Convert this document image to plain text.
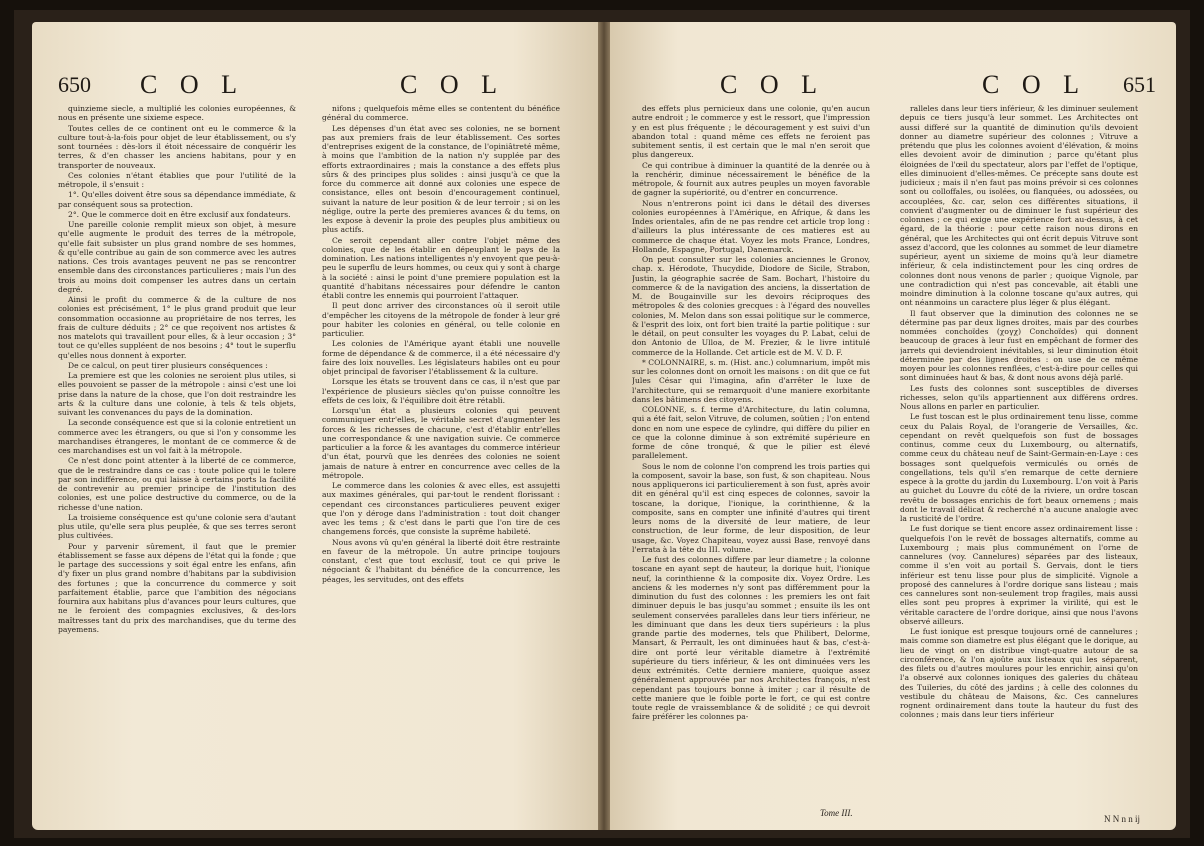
650 C O L	C O L

quinzieme siecle, a multiplié les colonies européennes, & nous en présente une sixieme espece.

Toutes celles de ce continent ont eu le commerce & la culture tout-à-la-fois pour objet de leur établissement, ou s'y sont tournées : dès-lors il étoit nécessaire de conquérir les terres, & d'en chasser les anciens habitans, pour y en transporter de nouveaux.

Ces colonies n'étant établies que pour l'utilité de la métropole, il s'ensuit :

1°. Qu'elles doivent être sous sa dépendance immédiate, & par conséquent sous sa protection.

2°. Que le commerce doit en être exclusif aux fondateurs.

Une pareille colonie remplit mieux son objet, à mesure qu'elle augmente le produit des terres de la métropole, qu'elle fait subsister un plus grand nombre de ses hommes, & qu'elle contribue au gain de son commerce avec les autres nations. Ces trois avantages peuvent ne pas se rencontrer ensemble dans des circonstances particulieres ; mais l'un des trois au moins doit compenser les autres dans un certain degré.

Ainsi le profit du commerce & de la culture de nos colonies est précisément, 1° le plus grand produit que leur consommation occasionne au propriétaire de nos terres, les frais de culture déduits ; 2° ce que reçoivent nos artistes & nos matelots qui travaillent pour elles, & à leur occasion ; 3° tout ce qu'elles suppléent de nos besoins ; 4° tout le superflu qu'elles nous donnent à exporter.

De ce calcul, on peut tirer plusieurs conséquences :

La premiere est que les colonies ne seroient plus utiles, si elles pouvoient se passer de la métropole : ainsi c'est une loi prise dans la nature de la chose, que l'on doit restraindre les arts & la culture dans une colonie, à tels & tels objets, suivant les convenances du pays de la domination.

La seconde conséquence est que si la colonie entretient un commerce avec les étrangers, ou que si l'on y consomme les marchandises étrangeres, le montant de ce commerce & de ces marchandises est un vol fait à la métropole.

Ce n'est donc point attenter à la liberté de ce commerce, que de le restraindre dans ce cas : toute police qui le tolere par son indifférence, ou qui laisse à certains ports la facilité de contrevenir au premier principe de l'institution des colonies, est une police destructive du commerce, ou de la richesse d'une nation.

La troisieme conséquence est qu'une colonie sera d'autant plus utile, qu'elle sera plus peuplée, & que ses terres seront plus cultivées.

Pour y parvenir sûrement, il faut que le premier établissement se fasse aux dépens de l'état qui la fonde ; que le partage des successions y soit égal entre les enfans, afin d'y fixer un plus grand nombre d'habitans par la subdivision des fortunes ; que la concurrence du commerce y soit parfaitement établie, parce que l'ambition des négocians fournira aux habitans plus d'avances pour leurs cultures, que ne le feroient des compagnies exclusives, & des-lors maîtresses tant du prix des marchandises, que du terme des payemens.

nifons ; quelquefois même elles se contentent du bénéfice général du commerce.

Les dépenses d'un état avec ses colonies, ne se bornent pas aux premiers frais de leur établissement. Ces sortes d'entreprises exigent de la constance, de l'opiniâtreté même, à moins que l'ambition de la nation n'y supplée par des efforts extraordinaires ; mais la constance a des effets plus sûrs & des principes plus solides : ainsi jusqu'à ce que la force du commerce ait donné aux colonies une espece de consistance, elles ont besoin d'encouragement continuel, suivant la nature de leur position & de leur terroir ; si on les néglige, outre la perte des premieres avances & du tems, on les expose à devenir la proie des peuples plus ambitieux ou plus actifs.

Ce seroit cependant aller contre l'objet même des colonies, que de les établir en dépeuplant le pays de la domination. Les nations intelligentes n'y envoyent que peu-à-peu le superflu de leurs hommes, ou ceux qui y sont à charge à la société : ainsi le point d'une premiere population est la quantité d'habitans nécessaires pour défendre le canton établi contre les ennemis qui pourroient l'attaquer.

Il peut donc arriver des circonstances où il seroit utile d'empêcher les citoyens de la métropole de fonder à leur gré pour habiter les colonies en général, ou telle colonie en particulier.

Les colonies de l'Amérique ayant établi une nouvelle forme de dépendance & de commerce, il a été nécessaire d'y faire des loix nouvelles. Les législateurs habiles ont eu pour objet principal de favoriser l'établissement & la culture.

Lorsque les états se trouvent dans ce cas, il n'est que par l'expérience de plusieurs siècles qu'on puisse connoître les effets de ces loix, & l'équilibre doit être rétabli.

Lorsqu'un état a plusieurs colonies qui peuvent communiquer entr'elles, le véritable secret d'augmenter les forces & les richesses de chacune, c'est d'établir entr'elles une correspondance & une navigation suivie. Ce commerce particulier a la force & les avantages du commerce intérieur d'un état, pourvû que les denrées des colonies ne soient jamais de nature à entrer en concurrence avec celles de la métropole.

Le commerce dans les colonies & avec elles, est assujetti aux maximes générales, qui par-tout le rendent florissant : cependant ces circonstances particulieres peuvent exiger que l'on y déroge dans l'administration : tout doit changer avec les tems ; & c'est dans le parti que l'on tire de ces changemens forcés, que consiste la suprême habileté.

Nous avons vû qu'en général la liberté doit être restrainte en faveur de la métropole. Un autre principe toujours constant, c'est que tout exclusif, tout ce qui prive le négociant & l'habitant du bénéfice de la concurrence, les péages, les servitudes, ont des effets

C O L	C O L 651

des effets plus pernicieux dans une colonie, qu'en aucun autre endroit ; le commerce y est le ressort, que l'impression y en est plus fréquente ; le découragement y est suivi d'un abandon total : quand même ces effets ne feroient pas subitement sentis, il est certain que le mal n'en seroit que plus dangereux.

Ce qui contribue à diminuer la quantité de la denrée ou à la renchérir, diminue nécessairement le bénéfice de la métropole, & fournit aux autres peuples un moyen favorable de gagner la supériorité, ou d'entrer en concurrence.

Nous n'entrerons point ici dans le détail des diverses colonies européennes à l'Amérique, en Afrique, & dans les Indes orientales, afin de ne pas rendre cet article trop long : d'ailleurs la plus intéressante de ces matieres est au commerce de chaque état. Voyez les mots France, Londres, Hollande, Espagne, Portugal, Danemarck.

On peut consulter sur les colonies anciennes le Gronov, chap. x. Hérodote, Thucydide, Diodore de Sicile, Strabon, Justin, la géographie sacrée de Sam. Bochart, l'histoire du commerce & de la navigation des anciens, la dissertation de M. de Bougainville sur les devoirs réciproques des métropoles & des colonies grecques : à l'égard des nouvelles colonies, M. Melon dans son essai politique sur le commerce, & l'esprit des loix, ont fort bien traité la partie politique : sur le détail, on peut consulter les voyages du P. Labat, celui de don Antonio de Ulloa, de M. Frezier, & le livre intitulé commerce de la Hollande. Cet article est de M. V. D. F.

* COLONNAIRE, s. m. (Hist. anc.) columnarium, impôt mis sur les colonnes dont on ornoit les maisons : on dit que ce fut Jules César qui l'imagina, afin d'arrêter le luxe de l'architecture, qui se remarquoit d'une maniere exorbitante dans les bâtimens des citoyens.

COLONNE, s. f. terme d'Architecture, du latin columna, qui a été fait, selon Vitruve, de columen, soûtien ; l'on entend donc en nom une espece de cylindre, qui diffère du pilier en ce que la colonne diminue à son extrémité supérieure en forme de cône tronqué, & que le pilier est élevé parallelement.

Sous le nom de colonne l'on comprend les trois parties qui la composent, savoir la base, son fust, & son chapiteau. Nous nous appliquerons ici particulierement à son fust, après avoir dit en général qu'il est cinq especes de colonnes, savoir la toscane, la dorique, l'ionique, la corinthienne, & la composite, sans en compter une infinité d'autres qui tirent leurs noms de la diversité de leur matiere, de leur construction, de leur forme, de leur disposition, de leur usage, &c. Voyez Chapiteau, voyez aussi Base, renvoyé dans l'errata à la tête du III. volume.

Le fust des colonnes differe par leur diametre ; la colonne toscane en ayant sept de hauteur, la dorique huit, l'ionique neuf, la corinthienne & la composite dix. Voyez Ordre. Les anciens & les modernes n'y sont pas différemment pour la diminution du fust des colonnes : les premiers les ont fait diminuer depuis le bas jusqu'au sommet ; ensuite ils les ont seulement conservées paralleles dans leur tiers inférieur, ne les diminuant que dans les deux tiers supérieurs : la plus grande partie des modernes, tels que Philibert, Delorme, Mansart, & Perrault, les ont diminuées haut & bas, c'est-à-dire ont porté leur véritable diametre à l'extrémité supérieure du tiers inférieur, & les ont diminuées vers les deux extrémités. Cette derniere maniere, quoique assez généralement approuvée par nos Architectes françois, n'est cependant pas toujours bonne à imiter ; car il résulte de cette maniere que le foible porte le fort, ce qui est contre toute regle de vraissemblance & de solidité ; ce qui devroit faire préférer les colonnes pa-

ralleles dans leur tiers inférieur, & les diminuer seulement depuis ce tiers jusqu'à leur sommet. Les Architectes ont aussi differé sur la quantité de diminution qu'ils devoient donner au diametre supérieur des colonnes ; Vitruve a prétendu que plus les colonnes avoient d'élévation, & moins elles devoient avoir de diminution ; parce qu'étant plus éloignées de l'œil du spectateur, alors par l'effet de l'optique, elles diminuoient d'elles-mêmes. Ce précepte sans doute est judicieux ; mais il n'en faut pas moins prévoir si ces colonnes sont ou colloffales, ou isolées, ou flanquées, ou adossées, ou accouplées, &c. car, selon ces différentes situations, il convient d'augmenter ou de diminuer le fust supérieur des colonnes ; ce qui exige une expérience fort au-dessus, à cet égard, de la théorie : pour cette raison nous dirons en général, que les Architectes qui ont écrit depuis Vitruve sont assez d'accord, que les colonnes au sommet de leur diametre supérieur, ayent un sixieme de moins qu'à leur diametre inférieur, & cela indistinctement pour les cinq ordres de colonnes dont nous venons de parler ; quoique Vignole, par une contradiction qui n'est pas concevable, ait établi une moindre diminution à la colonne toscane qu'aux autres, qui ont néanmoins un caractere plus léger & plus élégant.

Il faut observer que la diminution des colonnes ne se détermine pas par deux lignes droites, mais par des courbes nommées conchoïdes (χογχ) Conchoïdes) qui donnent beaucoup de graces à leur fust en empêchant de former des jarrets qui deviendroient inévitables, si leur diminution étoit déterminée par des lignes droites : on use de ce même moyen pour les colonnes renflées, c'est-à-dire pour celles qui sont diminuées haut & bas, & dont nous avons déjà parlé.

Les fusts des colonnes sont susceptibles de diverses richesses, selon qu'ils appartiennent aux différens ordres. Nous allons en parler en particulier.

Le fust toscan est le plus ordinairement tenu lisse, comme ceux du Palais Royal, de l'orangerie de Versailles, &c. cependant on revêt quelquefois son fust de bossages continus, comme ceux du Luxembourg, ou alternatifs, comme ceux du château neuf de Saint-Germain-en-Laye : ces bossages sont quelquefois vermiculés ou ornés de congellations, tels qu'il s'en remarque de cette derniere espece à la grotte du jardin du Luxembourg. L'on voit à Paris au guichet du Louvre du côté de la riviere, un ordre toscan revêtu de bossages enrichis de fort beaux ornemens ; mais dont le travail délicat & recherché n'a aucune analogie avec la rusticité de l'ordre.

Le fust dorique se tient encore assez ordinairement lisse : quelquefois l'on le revêt de bossages alternatifs, comme au Luxembourg ; mais plus communément on l'orne de cannelures (voy. Cannelures) séparées par des listeaux, comme il s'en voit au portail S. Gervais, dont le tiers inférieur est tenu lisse pour plus de simplicité. Vignole a proposé des cannelures à l'ordre dorique sans listeau ; mais ces cannelures sont non-seulement trop fragiles, mais aussi elles sont peu propres à exprimer la virilité, qui est le véritable caractere de l'ordre dorique, ainsi que nous l'avons observé ailleurs.

Le fust ionique est presque toujours orné de cannelures ; mais comme son diametre est plus élégant que le dorique, au lieu de vingt on en distribue vingt-quatre autour de sa circonférence, & l'on ajoûte aux listeaux qui les séparent, des filets ou d'autres moulures pour les enrichir, ainsi qu'on l'a observé aux colonnes ioniques des galeries du château des Tuileries, du côté des jardins ; à celle des colonnes du vestibule du château de Maisons, &c. Ces cannelures rognent ordinairement dans toute la hauteur du fust des colonnes ; mais dans leur tiers inférieur

Tome III.
N N n n ij
